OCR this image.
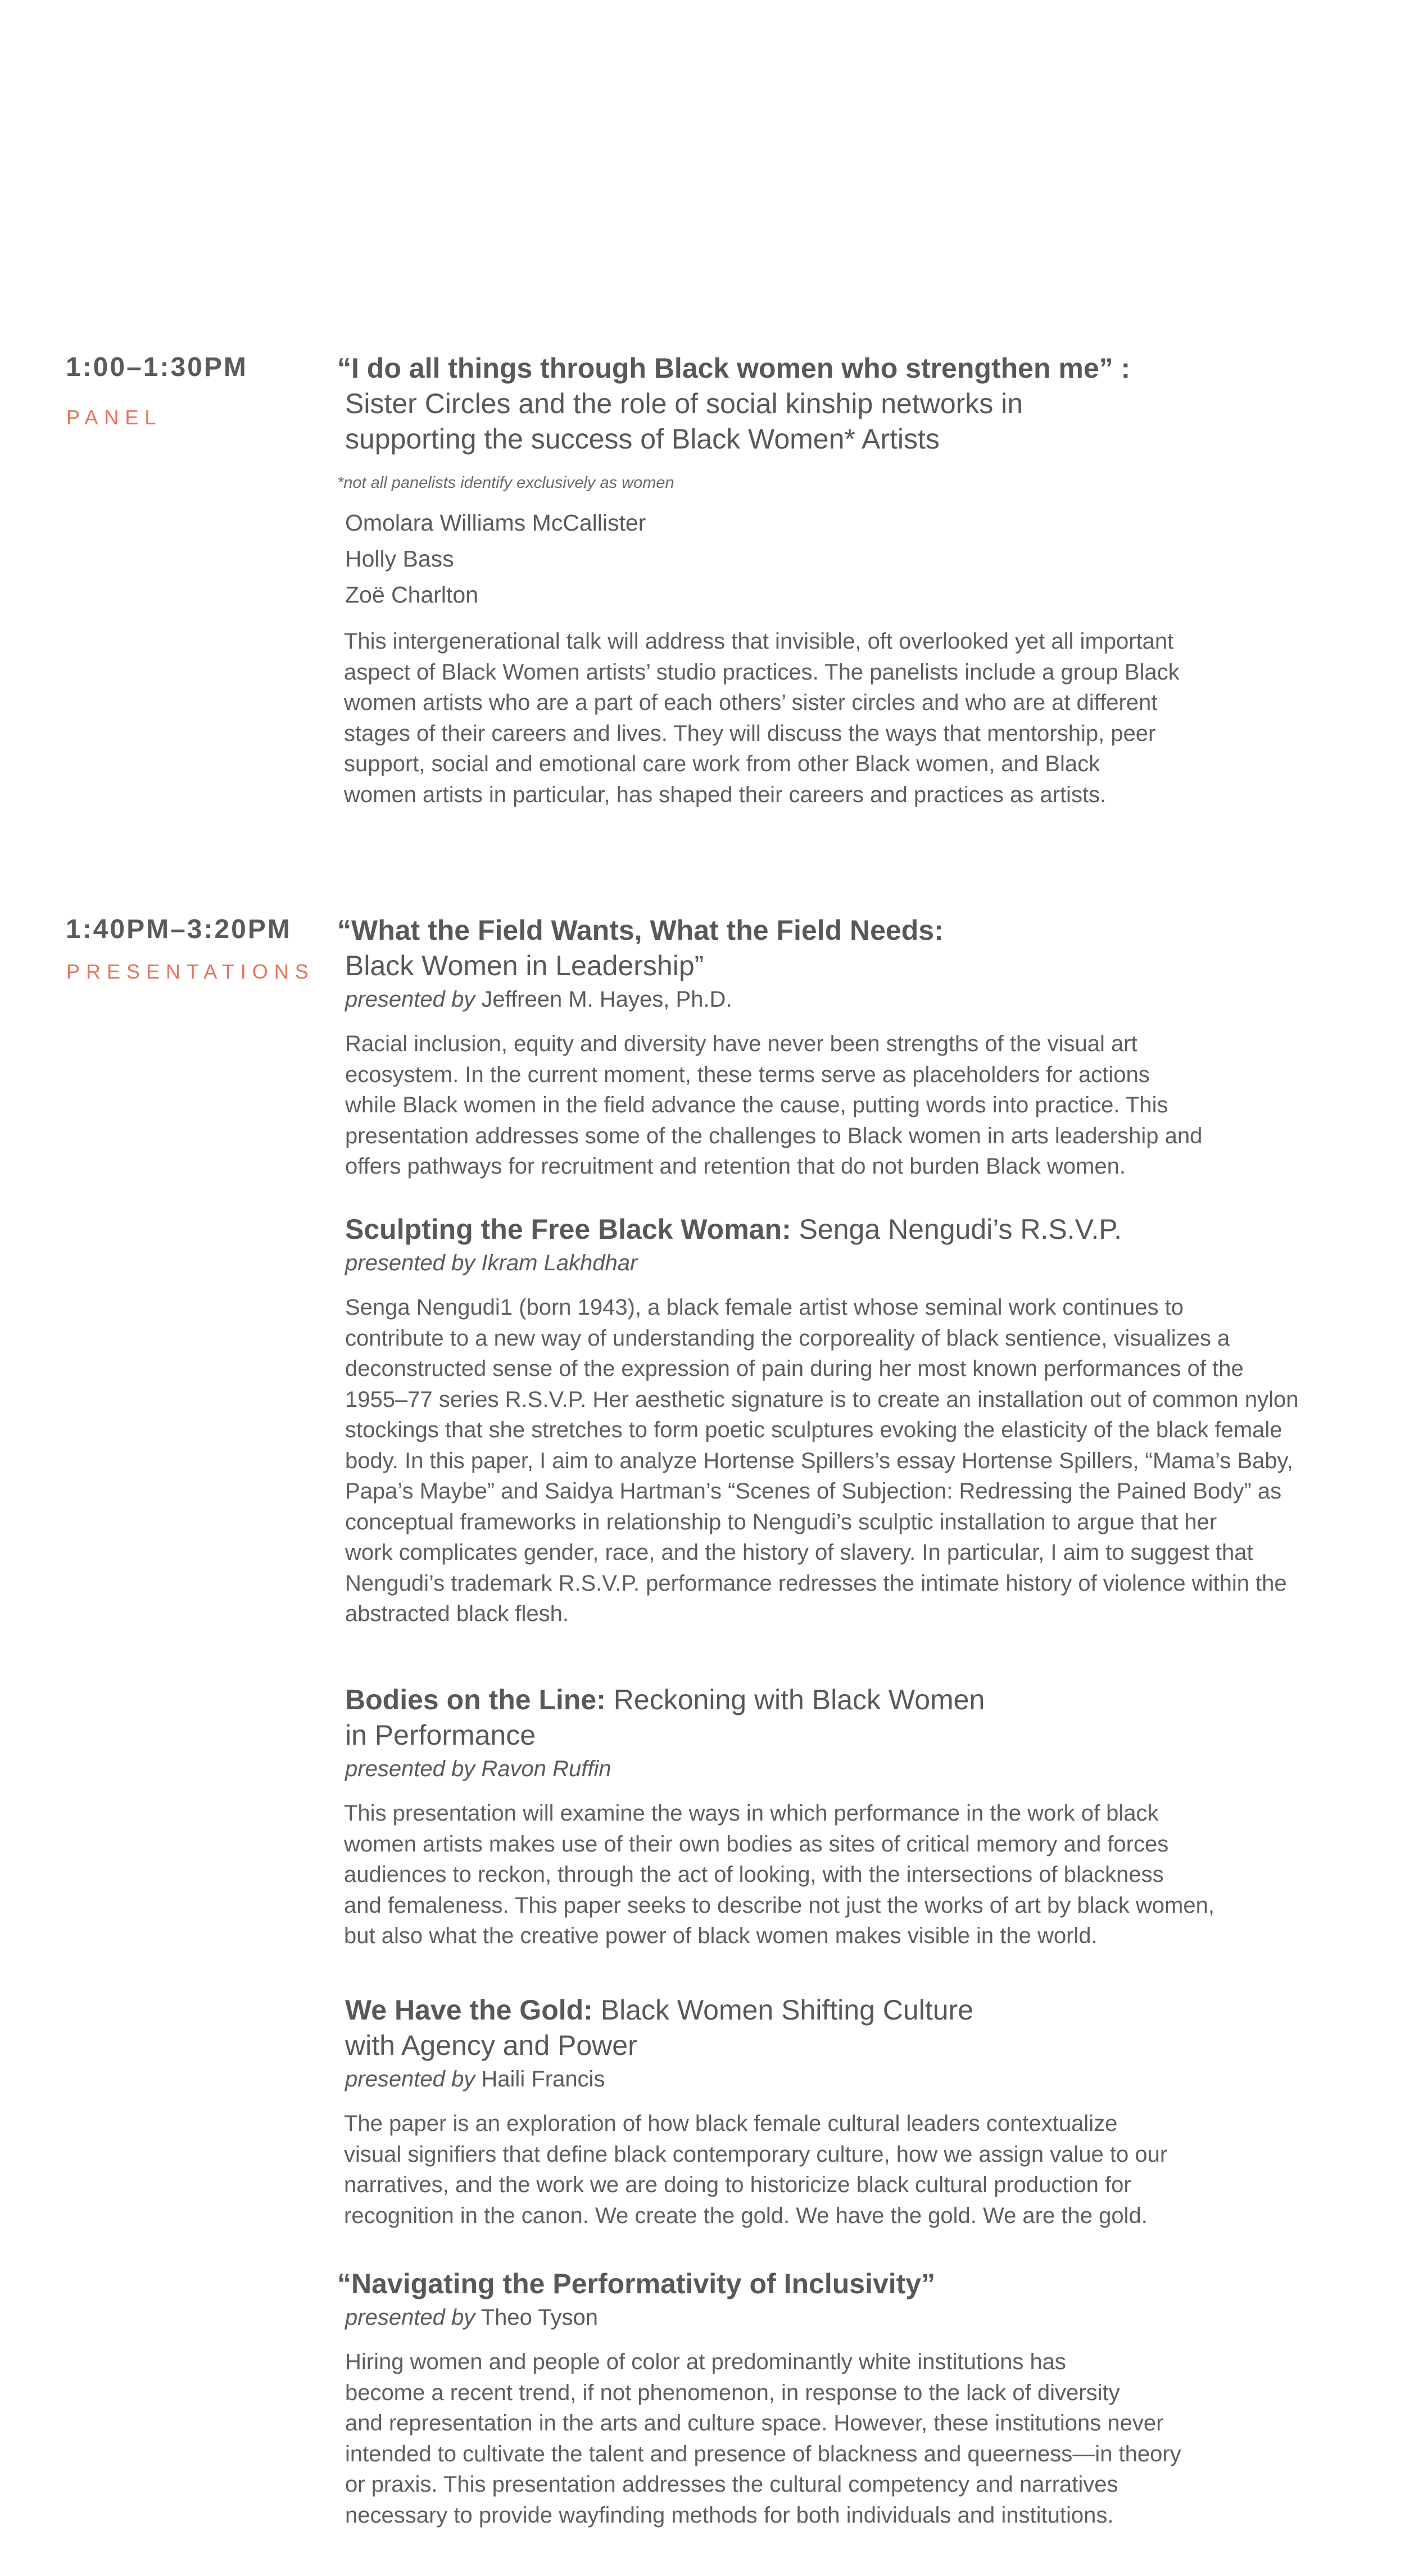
1:00–1:30PM
PANEL
“I do all things through Black women who strengthen me” :
Sister Circles and the role of social kinship networks in
supporting the success of Black Women* Artists
*not all panelists identify exclusively as women
Omolara Williams McCallister
Holly Bass
Zoë Charlton
This intergenerational talk will address that invisible, oft overlooked yet all important
aspect of Black Women artists’ studio practices. The panelists include a group Black
women artists who are a part of each others’ sister circles and who are at different
stages of their careers and lives. They will discuss the ways that mentorship, peer
support, social and emotional care work from other Black women, and Black
women artists in particular, has shaped their careers and practices as artists.
1:40PM–3:20PM
PRESENTATIONS
“What the Field Wants, What the Field Needs:
Black Women in Leadership”
presented by Jeffreen M. Hayes, Ph.D.
Racial inclusion, equity and diversity have never been strengths of the visual art
ecosystem. In the current moment, these terms serve as placeholders for actions
while Black women in the field advance the cause, putting words into practice. This
presentation addresses some of the challenges to Black women in arts leadership and
offers pathways for recruitment and retention that do not burden Black women.
Sculpting the Free Black Woman: Senga Nengudi’s R.S.V.P.
presented by Ikram Lakhdhar
Senga Nengudi1 (born 1943), a black female artist whose seminal work continues to
contribute to a new way of understanding the corporeality of black sentience, visualizes a
deconstructed sense of the expression of pain during her most known performances of the
1955–77 series R.S.V.P. Her aesthetic signature is to create an installation out of common nylon
stockings that she stretches to form poetic sculptures evoking the elasticity of the black female
body. In this paper, I aim to analyze Hortense Spillers’s essay Hortense Spillers, “Mama’s Baby,
Papa’s Maybe” and Saidya Hartman’s “Scenes of Subjection: Redressing the Pained Body” as
conceptual frameworks in relationship to Nengudi’s sculptic installation to argue that her
work complicates gender, race, and the history of slavery. In particular, I aim to suggest that
Nengudi’s trademark R.S.V.P. performance redresses the intimate history of violence within the
abstracted black flesh.
Bodies on the Line: Reckoning with Black Women
in Performance
presented by Ravon Ruffin
This presentation will examine the ways in which performance in the work of black
women artists makes use of their own bodies as sites of critical memory and forces
audiences to reckon, through the act of looking, with the intersections of blackness
and femaleness. This paper seeks to describe not just the works of art by black women,
but also what the creative power of black women makes visible in the world.
We Have the Gold: Black Women Shifting Culture
with Agency and Power
presented by Haili Francis
The paper is an exploration of how black female cultural leaders contextualize
visual signifiers that define black contemporary culture, how we assign value to our
narratives, and the work we are doing to historicize black cultural production for
recognition in the canon. We create the gold. We have the gold. We are the gold.
“Navigating the Performativity of Inclusivity”
presented by Theo Tyson
Hiring women and people of color at predominantly white institutions has
become a recent trend, if not phenomenon, in response to the lack of diversity
and representation in the arts and culture space. However, these institutions never
intended to cultivate the talent and presence of blackness and queerness—in theory
or praxis. This presentation addresses the cultural competency and narratives
necessary to provide wayfinding methods for both individuals and institutions.
